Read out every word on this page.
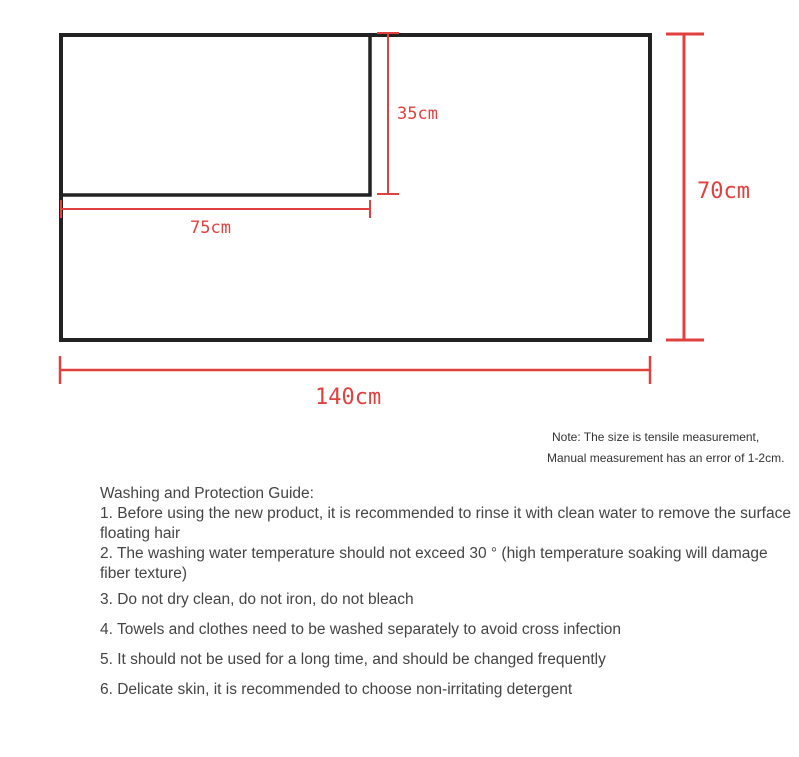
35cm
75cm
70cm
140cm
Note: The size is tensile measurement,
Manual measurement has an error of 1-2cm.

Washing and Protection Guide:

1. Before using the new product, it is recommended to rinse it with clean water to remove the surface floating hair

2. The washing water temperature should not exceed 30 ° (high temperature soaking will damage fiber texture)

3. Do not dry clean, do not iron, do not bleach

4. Towels and clothes need to be washed separately to avoid cross infection

5. It should not be used for a long time, and should be changed frequently

6. Delicate skin, it is recommended to choose non-irritating detergent
